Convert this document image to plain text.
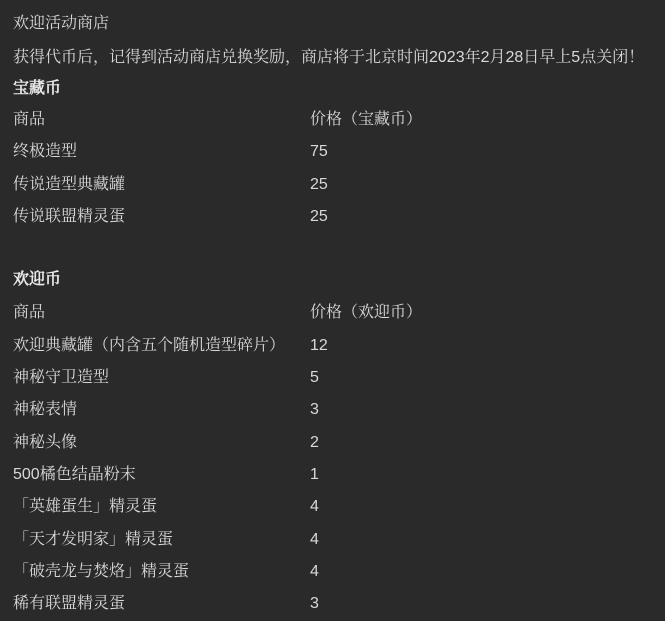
欢迎活动商店

获得代币后，记得到活动商店兑换奖励，商店将于北京时间2023年2月28日早上5点关闭！

宝藏币

商品	价格（宝藏币）
终极造型	75
传说造型典藏罐	25
传说联盟精灵蛋	25

欢迎币

商品	价格（欢迎币）
欢迎典藏罐（内含五个随机造型碎片）	12
神秘守卫造型	5
神秘表情	3
神秘头像	2
500橘色结晶粉末	1
「英雄蛋生」精灵蛋	4
「天才发明家」精灵蛋	4
「破壳龙与焚烙」精灵蛋	4
稀有联盟精灵蛋	3
